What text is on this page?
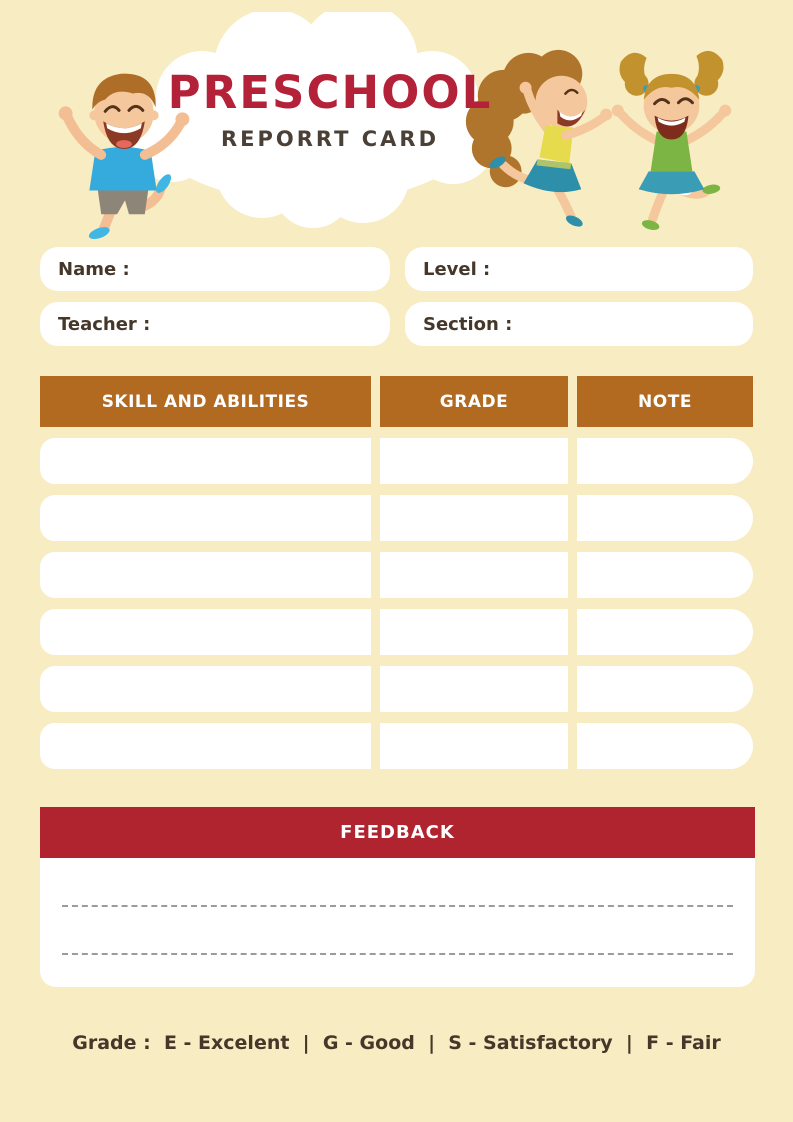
PRESCHOOL
REPORRT CARD
Name :	Level :
Teacher :	Section :
SKILL AND ABILITIES	GRADE	NOTE
FEEDBACK
Grade :  E - Excelent  |  G - Good  |  S - Satisfactory  |  F - Fair
